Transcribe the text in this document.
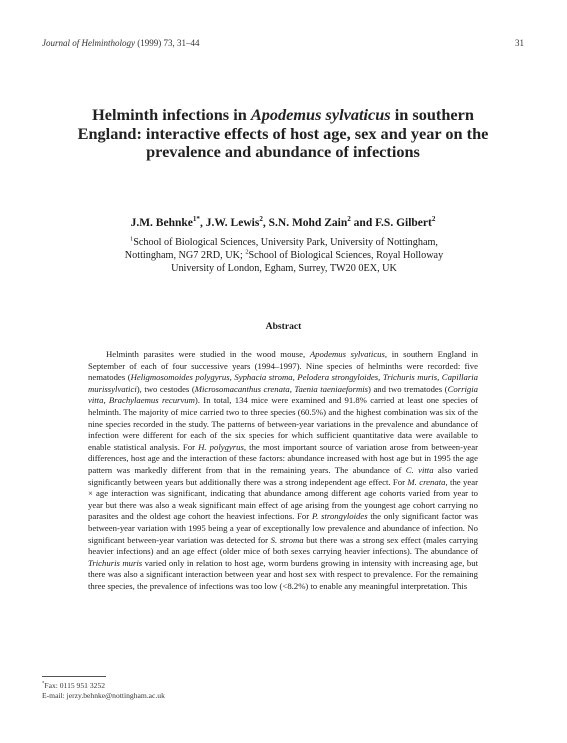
Journal of Helminthology (1999) 73, 31–44	31
Helminth infections in Apodemus sylvaticus in southern England: interactive effects of host age, sex and year on the prevalence and abundance of infections
J.M. Behnke$^{1*}$, J.W. Lewis$^2$, S.N. Mohd Zain$^2$ and F.S. Gilbert$^2$
$^1$School of Biological Sciences, University Park, University of Nottingham, Nottingham, NG7 2RD, UK; $^2$School of Biological Sciences, Royal Holloway University of London, Egham, Surrey, TW20 0EX, UK
Abstract

Helminth parasites were studied in the wood mouse, Apodemus sylvaticus, in southern England in September of each of four successive years (1994–1997). Nine species of helminths were recorded: five nematodes (Heligmosomoides polygyrus, Syphacia stroma, Pelodera strongyloides, Trichuris muris, Capillaria murissylvatici), two cestodes (Microsomacanthus crenata, Taenia taeniaeformis) and two trematodes (Corrigia vitta, Brachylaemus recurvum). In total, 134 mice were examined and 91.8% carried at least one species of helminth. The majority of mice carried two to three species (60.5%) and the highest combination was six of the nine species recorded in the study. The patterns of between-year variations in the prevalence and abundance of infection were different for each of the six species for which sufficient quantitative data were available to enable statistical analysis. For H. polygyrus, the most important source of variation arose from between-year differences, host age and the interaction of these factors: abundance increased with host age but in 1995 the age pattern was markedly different from that in the remaining years. The abundance of C. vitta also varied significantly between years but additionally there was a strong independent age effect. For M. crenata, the year × age interaction was significant, indicating that abundance among different age cohorts varied from year to year but there was also a weak significant main effect of age arising from the youngest age cohort carrying no parasites and the oldest age cohort the heaviest infections. For P. strongyloides the only significant factor was between-year variation with 1995 being a year of exceptionally low prevalence and abundance of infection. No significant between-year variation was detected for S. stroma but there was a strong sex effect (males carrying heavier infections) and an age effect (older mice of both sexes carrying heavier infections). The abundance of Trichuris muris varied only in relation to host age, worm burdens growing in intensity with increasing age, but there was also a significant interaction between year and host sex with respect to prevalence. For the remaining three species, the prevalence of infections was too low (<8.2%) to enable any meaningful interpretation. This

*Fax: 0115 951 3252
E-mail: jerzy.behnke@nottingham.ac.uk
